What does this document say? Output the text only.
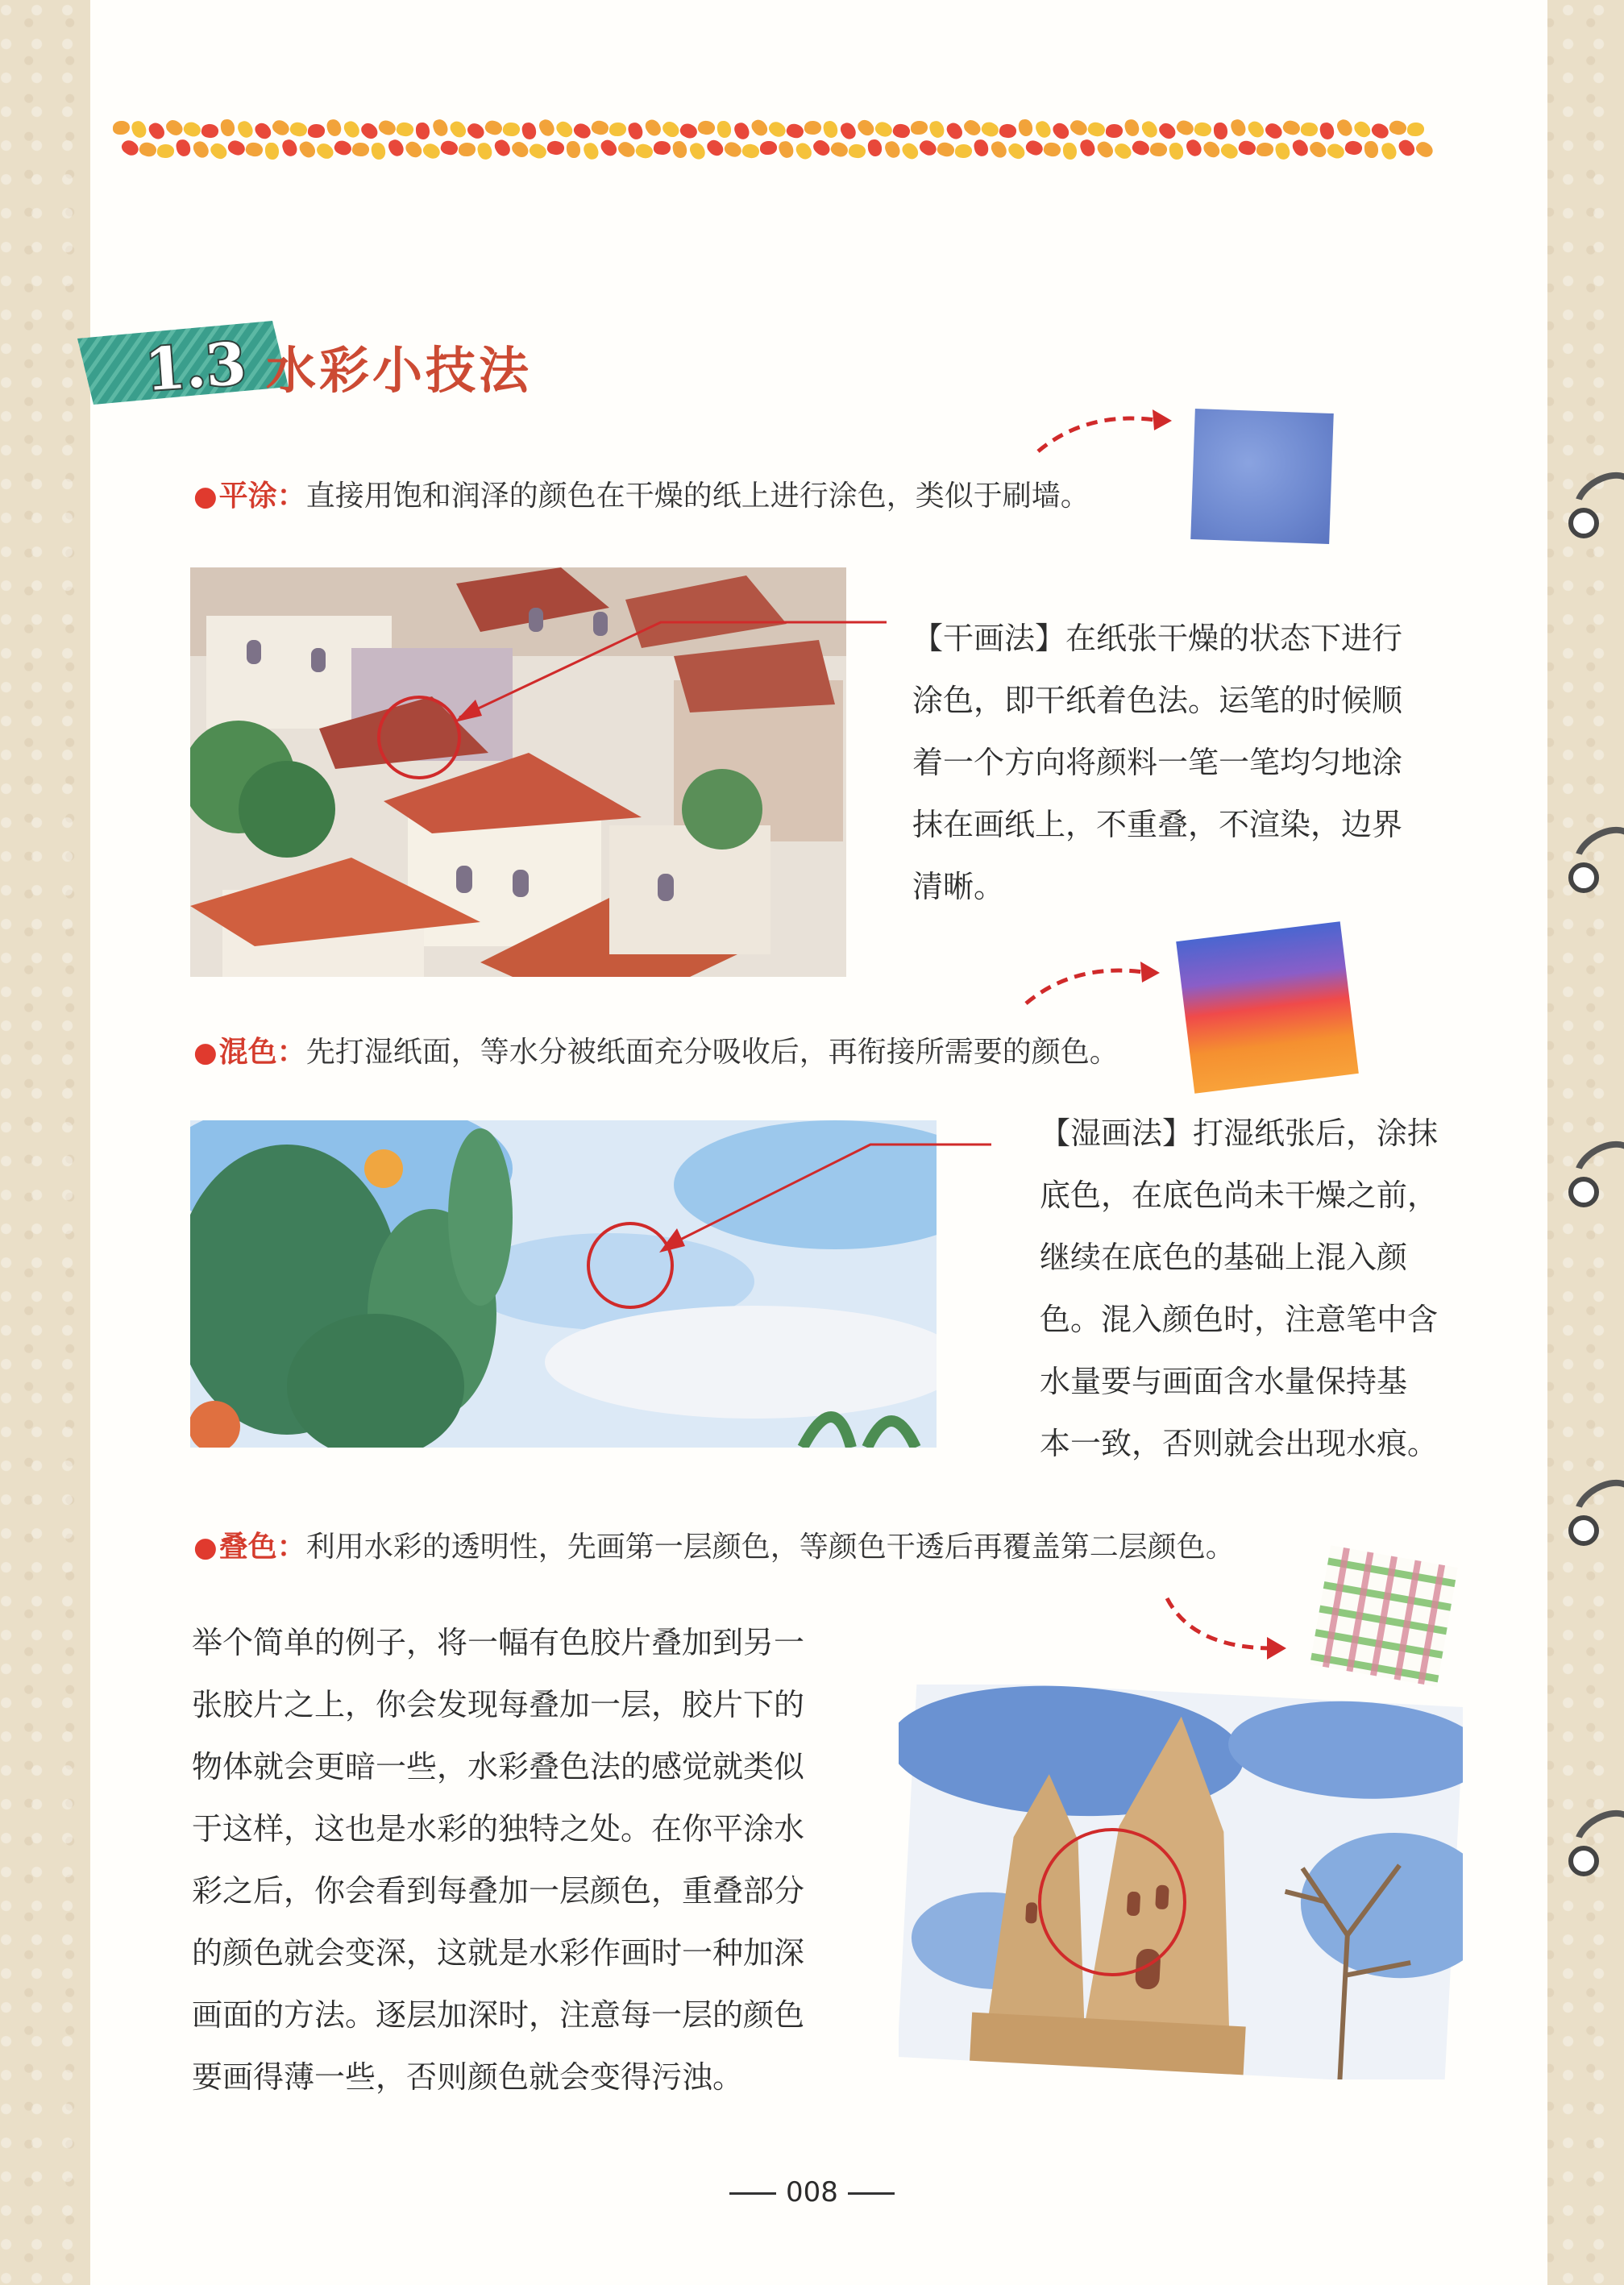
1.3 水彩小技法
●平涂：直接用饱和润泽的颜色在干燥的纸上进行涂色，类似于刷墙。

【干画法】在纸张干燥的状态下进行

涂色，即干纸着色法。运笔的时候顺

着一个方向将颜料一笔一笔均匀地涂

抹在画纸上，不重叠，不渲染，边界

清晰。

●混色：先打湿纸面，等水分被纸面充分吸收后，再衔接所需要的颜色。

【湿画法】打湿纸张后，涂抹

底色，在底色尚未干燥之前，

继续在底色的基础上混入颜

色。混入颜色时，注意笔中含

水量要与画面含水量保持基

本一致，否则就会出现水痕。

●叠色：利用水彩的透明性，先画第一层颜色，等颜色干透后再覆盖第二层颜色。

举个简单的例子，将一幅有色胶片叠加到另一

张胶片之上，你会发现每叠加一层，胶片下的

物体就会更暗一些，水彩叠色法的感觉就类似

于这样，这也是水彩的独特之处。在你平涂水

彩之后，你会看到每叠加一层颜色，重叠部分

的颜色就会变深，这就是水彩作画时一种加深

画面的方法。逐层加深时，注意每一层的颜色

要画得薄一些，否则颜色就会变得污浊。

008
